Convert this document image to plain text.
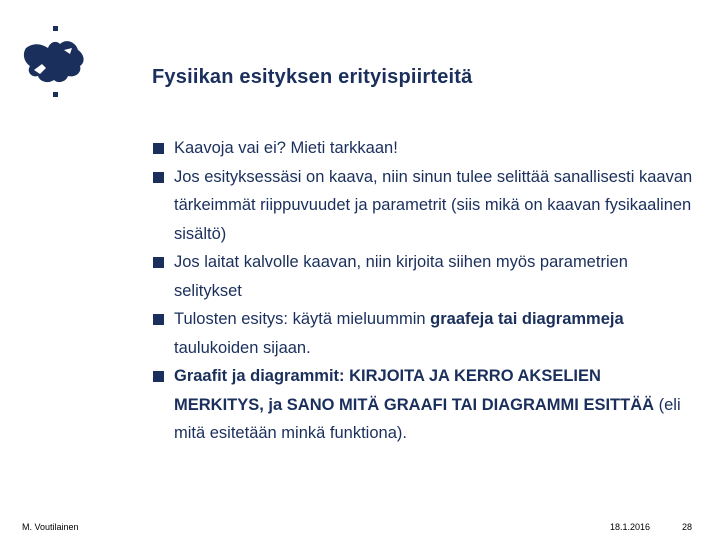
Fysiikan esityksen erityispiirteitä
Kaavoja vai ei? Mieti tarkkaan!
Jos esityksessäsi on kaava, niin sinun tulee selittää sanallisesti kaavan tärkeimmät riippuvuudet ja parametrit (siis mikä on kaavan fysikaalinen sisältö)
Jos laitat kalvolle kaavan, niin kirjoita siihen myös parametrien selitykset
Tulosten esitys: käytä mieluummin graafeja tai diagrammeja taulukoiden sijaan.
Graafit ja diagrammit: KIRJOITA JA KERRO AKSELIEN MERKITYS, ja SANO MITÄ GRAAFI TAI DIAGRAMMI ESITTÄÄ (eli mitä esitetään minkä funktiona).
M. Voutilainen	18.1.2016	28
